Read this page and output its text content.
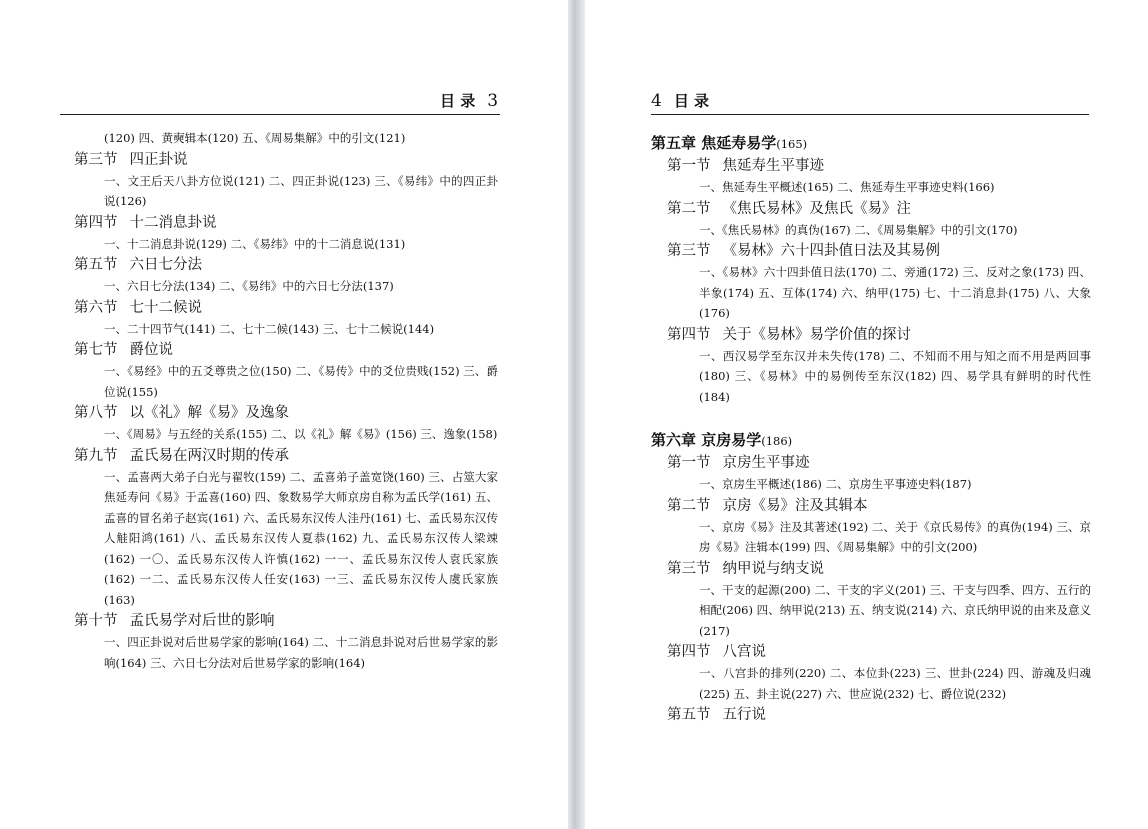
目 录 3
(120) 四、黄奭辑本(120) 五、《周易集解》中的引文(121)
第三节 四正卦说
一、文王后天八卦方位说(121) 二、四正卦说(123) 三、《易纬》中的四正卦说(126)
第四节 十二消息卦说
一、十二消息卦说(129) 二、《易纬》中的十二消息说(131)
第五节 六日七分法
一、六日七分法(134) 二、《易纬》中的六日七分法(137)
第六节 七十二候说
一、二十四节气(141) 二、七十二候(143) 三、七十二候说(144)
第七节 爵位说
一、《易经》中的五爻尊贵之位(150) 二、《易传》中的爻位贵贱(152) 三、爵位说(155)
第八节 以《礼》解《易》及逸象
一、《周易》与五经的关系(155) 二、以《礼》解《易》(156) 三、逸象(158)
第九节 孟氏易在两汉时期的传承
一、孟喜两大弟子白光与翟牧(159) 二、孟喜弟子盖宽饶(160) 三、占筮大家焦延寿问《易》于孟喜(160) 四、象数易学大师京房自称为孟氏学(161) 五、孟喜的冒名弟子赵宾(161) 六、孟氏易东汉传人洼丹(161) 七、孟氏易东汉传人觟阳鸿(161) 八、孟氏易东汉传人夏恭(162) 九、孟氏易东汉传人梁竦(162) 一〇、孟氏易东汉传人许慎(162) 一一、孟氏易东汉传人袁氏家族(162) 一二、孟氏易东汉传人任安(163) 一三、孟氏易东汉传人虞氏家族(163)
第十节 孟氏易学对后世的影响
一、四正卦说对后世易学家的影响(164) 二、十二消息卦说对后世易学家的影响(164) 三、六日七分法对后世易学家的影响(164)
4 目 录
第五章 焦延寿易学(165)
第一节 焦延寿生平事迹
一、焦延寿生平概述(165) 二、焦延寿生平事迹史料(166)
第二节 《焦氏易林》及焦氏《易》注
一、《焦氏易林》的真伪(167) 二、《周易集解》中的引文(170)
第三节 《易林》六十四卦值日法及其易例
一、《易林》六十四卦值日法(170) 二、旁通(172) 三、反对之象(173) 四、半象(174) 五、互体(174) 六、纳甲(175) 七、十二消息卦(175) 八、大象(176)
第四节 关于《易林》易学价值的探讨
一、西汉易学至东汉并未失传(178) 二、不知而不用与知之而不用是两回事(180) 三、《易林》中的易例传至东汉(182) 四、易学具有鲜明的时代性(184)
第六章 京房易学(186)
第一节 京房生平事迹
一、京房生平概述(186) 二、京房生平事迹史料(187)
第二节 京房《易》注及其辑本
一、京房《易》注及其著述(192) 二、关于《京氏易传》的真伪(194) 三、京房《易》注辑本(199) 四、《周易集解》中的引文(200)
第三节 纳甲说与纳支说
一、干支的起源(200) 二、干支的字义(201) 三、干支与四季、四方、五行的相配(206) 四、纳甲说(213) 五、纳支说(214) 六、京氏纳甲说的由来及意义(217)
第四节 八宫说
一、八宫卦的排列(220) 二、本位卦(223) 三、世卦(224) 四、游魂及归魂(225) 五、卦主说(227) 六、世应说(232) 七、爵位说(232)
第五节 五行说
